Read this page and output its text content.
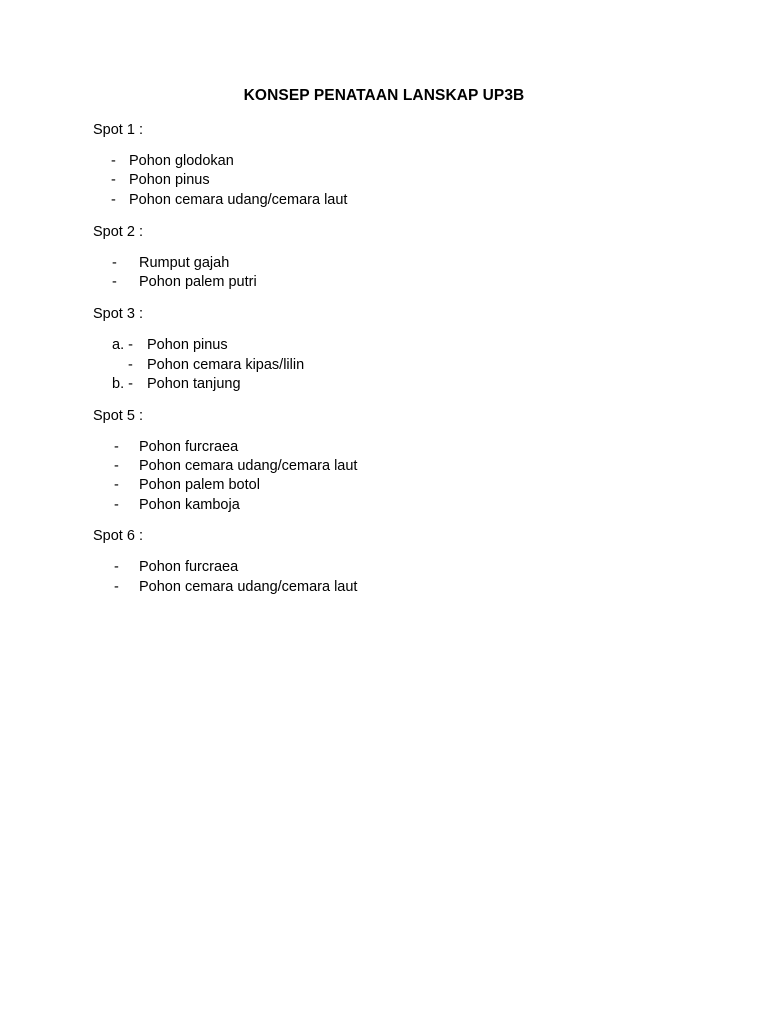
KONSEP PENATAAN LANSKAP UP3B
Spot 1 :
- Pohon glodokan
- Pohon pinus
- Pohon cemara udang/cemara laut
Spot 2 :
- Rumput gajah
- Pohon palem putri
Spot 3 :
a. - Pohon pinus
- Pohon cemara kipas/lilin
b. - Pohon tanjung
Spot 5 :
- Pohon furcraea
- Pohon cemara udang/cemara laut
- Pohon palem botol
- Pohon kamboja
Spot 6 :
- Pohon furcraea
- Pohon cemara udang/cemara laut
